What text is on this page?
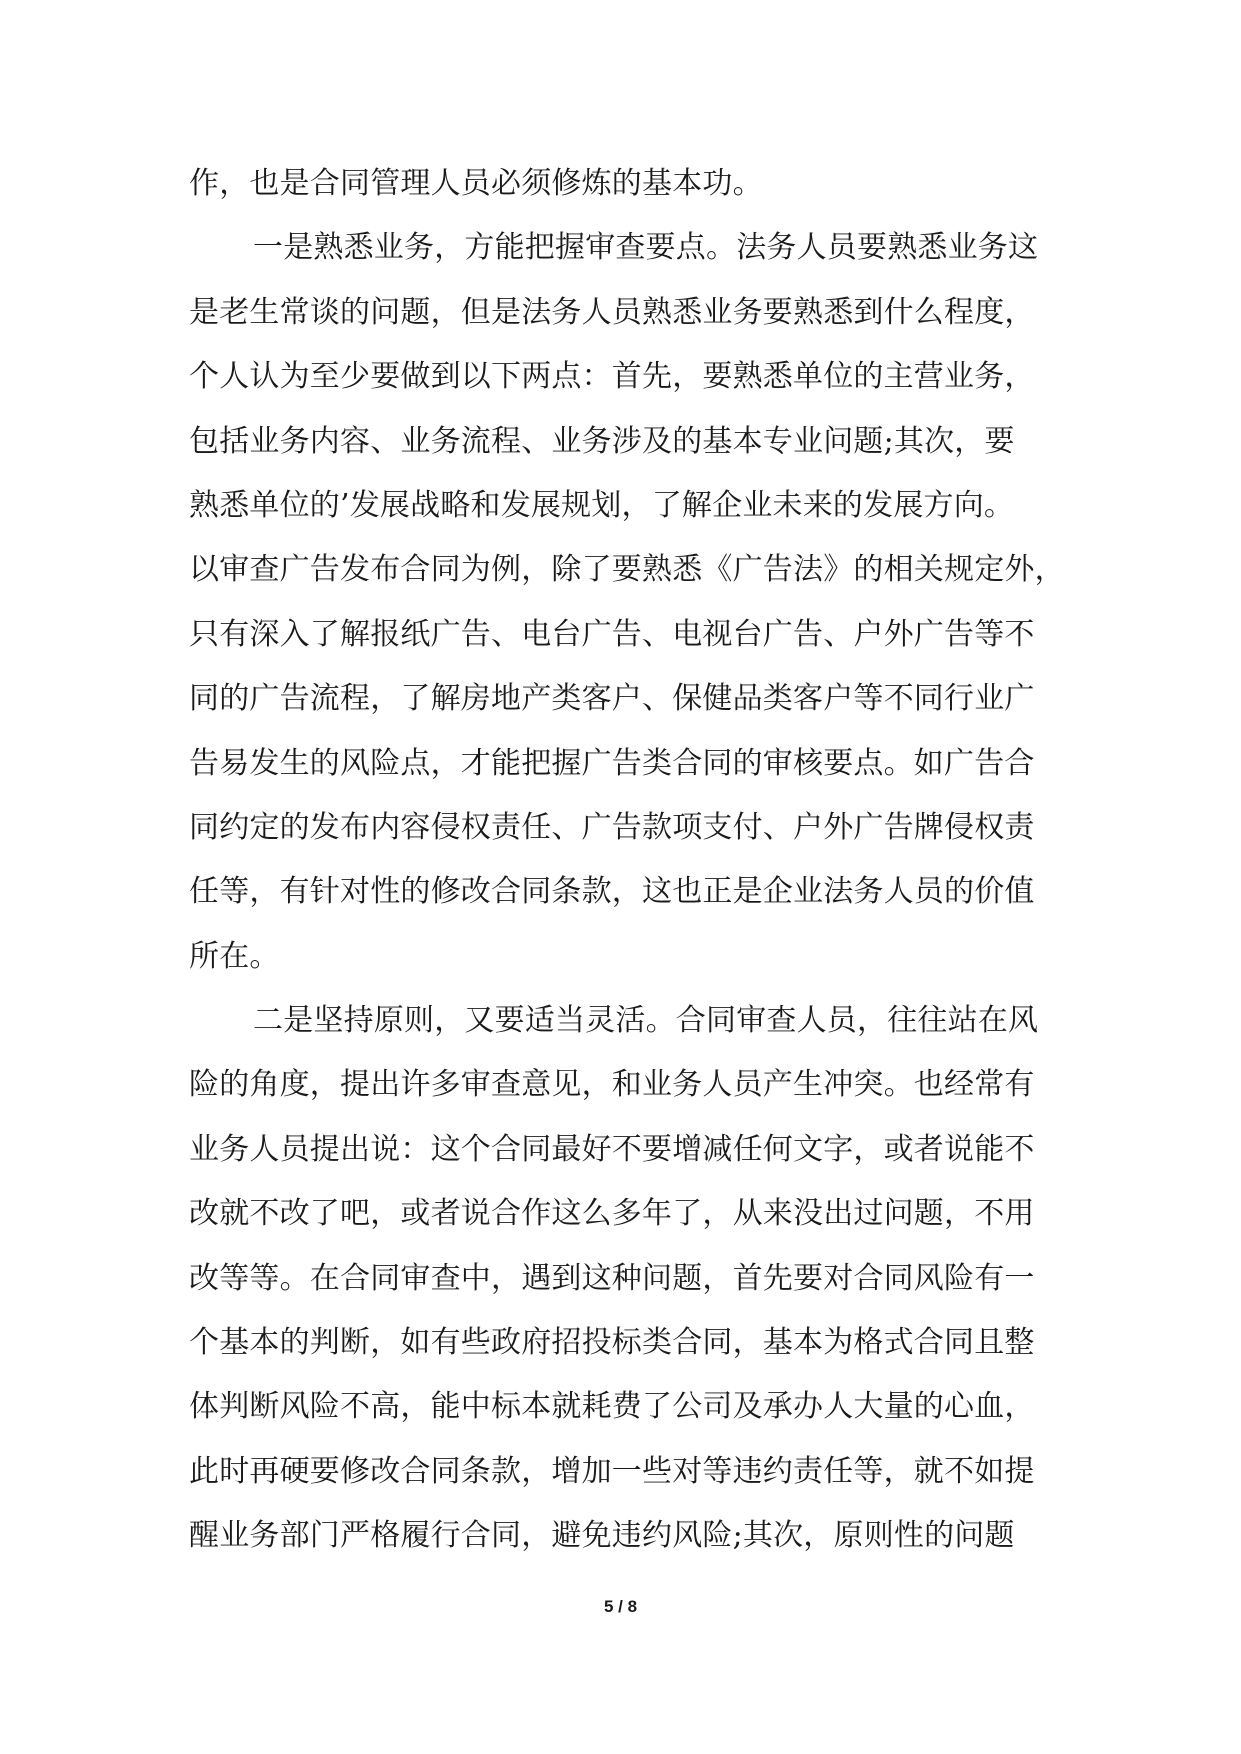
作，也是合同管理人员必须修炼的基本功。
一是熟悉业务，方能把握审查要点。法务人员要熟悉业务这
是老生常谈的问题，但是法务人员熟悉业务要熟悉到什么程度，
个人认为至少要做到以下两点：首先，要熟悉单位的主营业务，
包括业务内容、业务流程、业务涉及的基本专业问题;其次，要
熟悉单位的’发展战略和发展规划，了解企业未来的发展方向。
以审查广告发布合同为例，除了要熟悉《广告法》的相关规定外，
只有深入了解报纸广告、电台广告、电视台广告、户外广告等不
同的广告流程，了解房地产类客户、保健品类客户等不同行业广
告易发生的风险点，才能把握广告类合同的审核要点。如广告合
同约定的发布内容侵权责任、广告款项支付、户外广告牌侵权责
任等，有针对性的修改合同条款，这也正是企业法务人员的价值
所在。
二是坚持原则，又要适当灵活。合同审查人员，往往站在风
险的角度，提出许多审查意见，和业务人员产生冲突。也经常有
业务人员提出说：这个合同最好不要增减任何文字，或者说能不
改就不改了吧，或者说合作这么多年了，从来没出过问题，不用
改等等。在合同审查中，遇到这种问题，首先要对合同风险有一
个基本的判断，如有些政府招投标类合同，基本为格式合同且整
体判断风险不高，能中标本就耗费了公司及承办人大量的心血，
此时再硬要修改合同条款，增加一些对等违约责任等，就不如提
醒业务部门严格履行合同，避免违约风险;其次，原则性的问题
5 / 8
